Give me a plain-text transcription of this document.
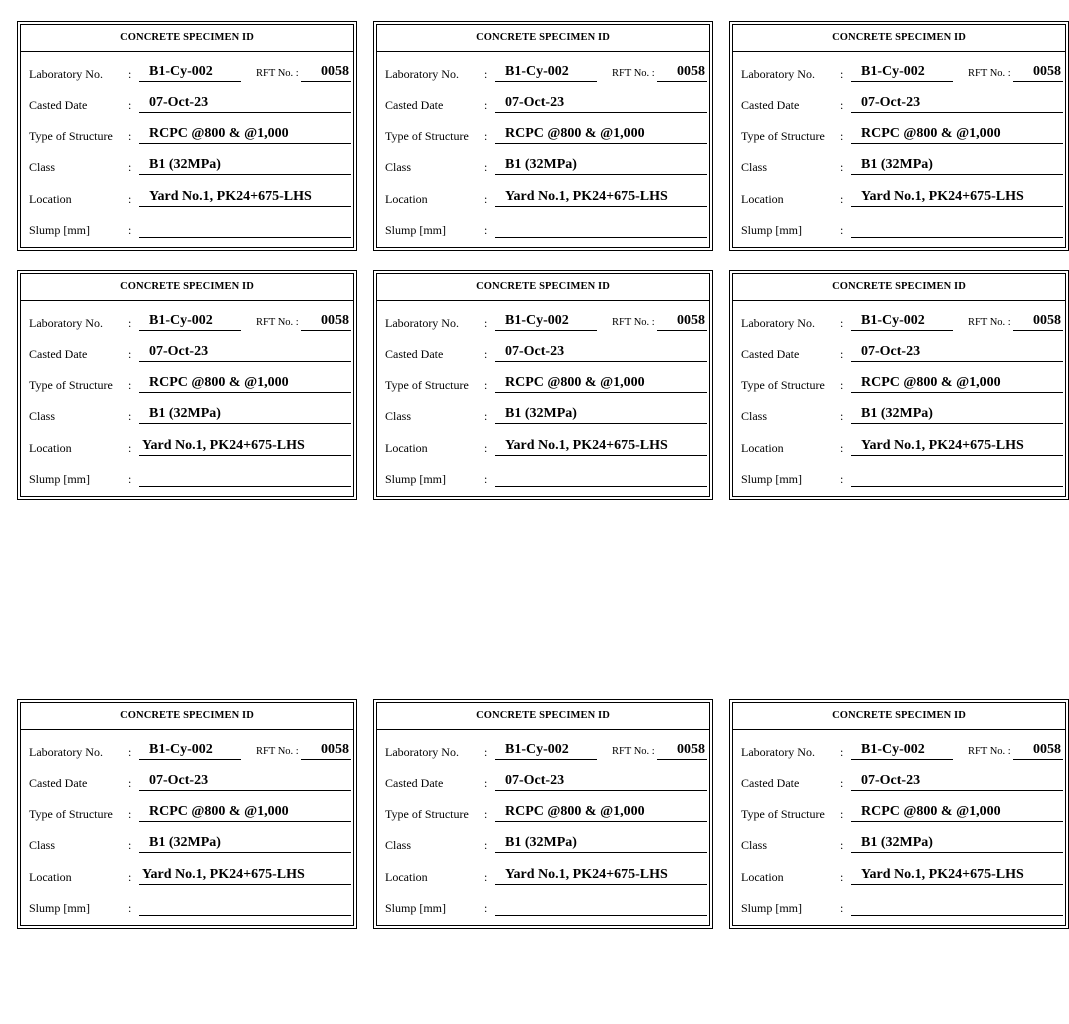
CONCRETE SPECIMEN ID
Laboratory No. :	B1-Cy-002	RFT No. :	0058
Casted Date	:	07-Oct-23
Type of Structure :	RCPC @800 & @1,000
Class	:	B1 (32MPa)
Location	:	Yard No.1, PK24+675-LHS
Slump [mm]	:
CONCRETE SPECIMEN ID
Laboratory No. :	B1-Cy-002	RFT No. :	0058
Casted Date	:	07-Oct-23
Type of Structure :	RCPC @800 & @1,000
Class	:	B1 (32MPa)
Location	:	Yard No.1, PK24+675-LHS
Slump [mm]	:
CONCRETE SPECIMEN ID
Laboratory No. :	B1-Cy-002	RFT No. :	0058
Casted Date	:	07-Oct-23
Type of Structure :	RCPC @800 & @1,000
Class	:	B1 (32MPa)
Location	:	Yard No.1, PK24+675-LHS
Slump [mm]	:
CONCRETE SPECIMEN ID
Laboratory No. :	B1-Cy-002	RFT No. :	0058
Casted Date	:	07-Oct-23
Type of Structure :	RCPC @800 & @1,000
Class	:	B1 (32MPa)
Location	: Yard No.1, PK24+675-LHS
Slump [mm]	:
CONCRETE SPECIMEN ID
Laboratory No. :	B1-Cy-002	RFT No. :	0058
Casted Date	:	07-Oct-23
Type of Structure :	RCPC @800 & @1,000
Class	:	B1 (32MPa)
Location	:	Yard No.1, PK24+675-LHS
Slump [mm]	:
CONCRETE SPECIMEN ID
Laboratory No. :	B1-Cy-002	RFT No. :	0058
Casted Date	:	07-Oct-23
Type of Structure :	RCPC @800 & @1,000
Class	:	B1 (32MPa)
Location	:	Yard No.1, PK24+675-LHS
Slump [mm]	:
CONCRETE SPECIMEN ID
Laboratory No. :	B1-Cy-002	RFT No. :	0058
Casted Date	:	07-Oct-23
Type of Structure :	RCPC @800 & @1,000
Class	:	B1 (32MPa)
Location	: Yard No.1, PK24+675-LHS
Slump [mm]	:
CONCRETE SPECIMEN ID
Laboratory No. :	B1-Cy-002	RFT No. :	0058
Casted Date	:	07-Oct-23
Type of Structure :	RCPC @800 & @1,000
Class	:	B1 (32MPa)
Location	:	Yard No.1, PK24+675-LHS
Slump [mm]	:
CONCRETE SPECIMEN ID
Laboratory No. :	B1-Cy-002	RFT No. :	0058
Casted Date	:	07-Oct-23
Type of Structure :	RCPC @800 & @1,000
Class	:	B1 (32MPa)
Location	:	Yard No.1, PK24+675-LHS
Slump [mm]	:
